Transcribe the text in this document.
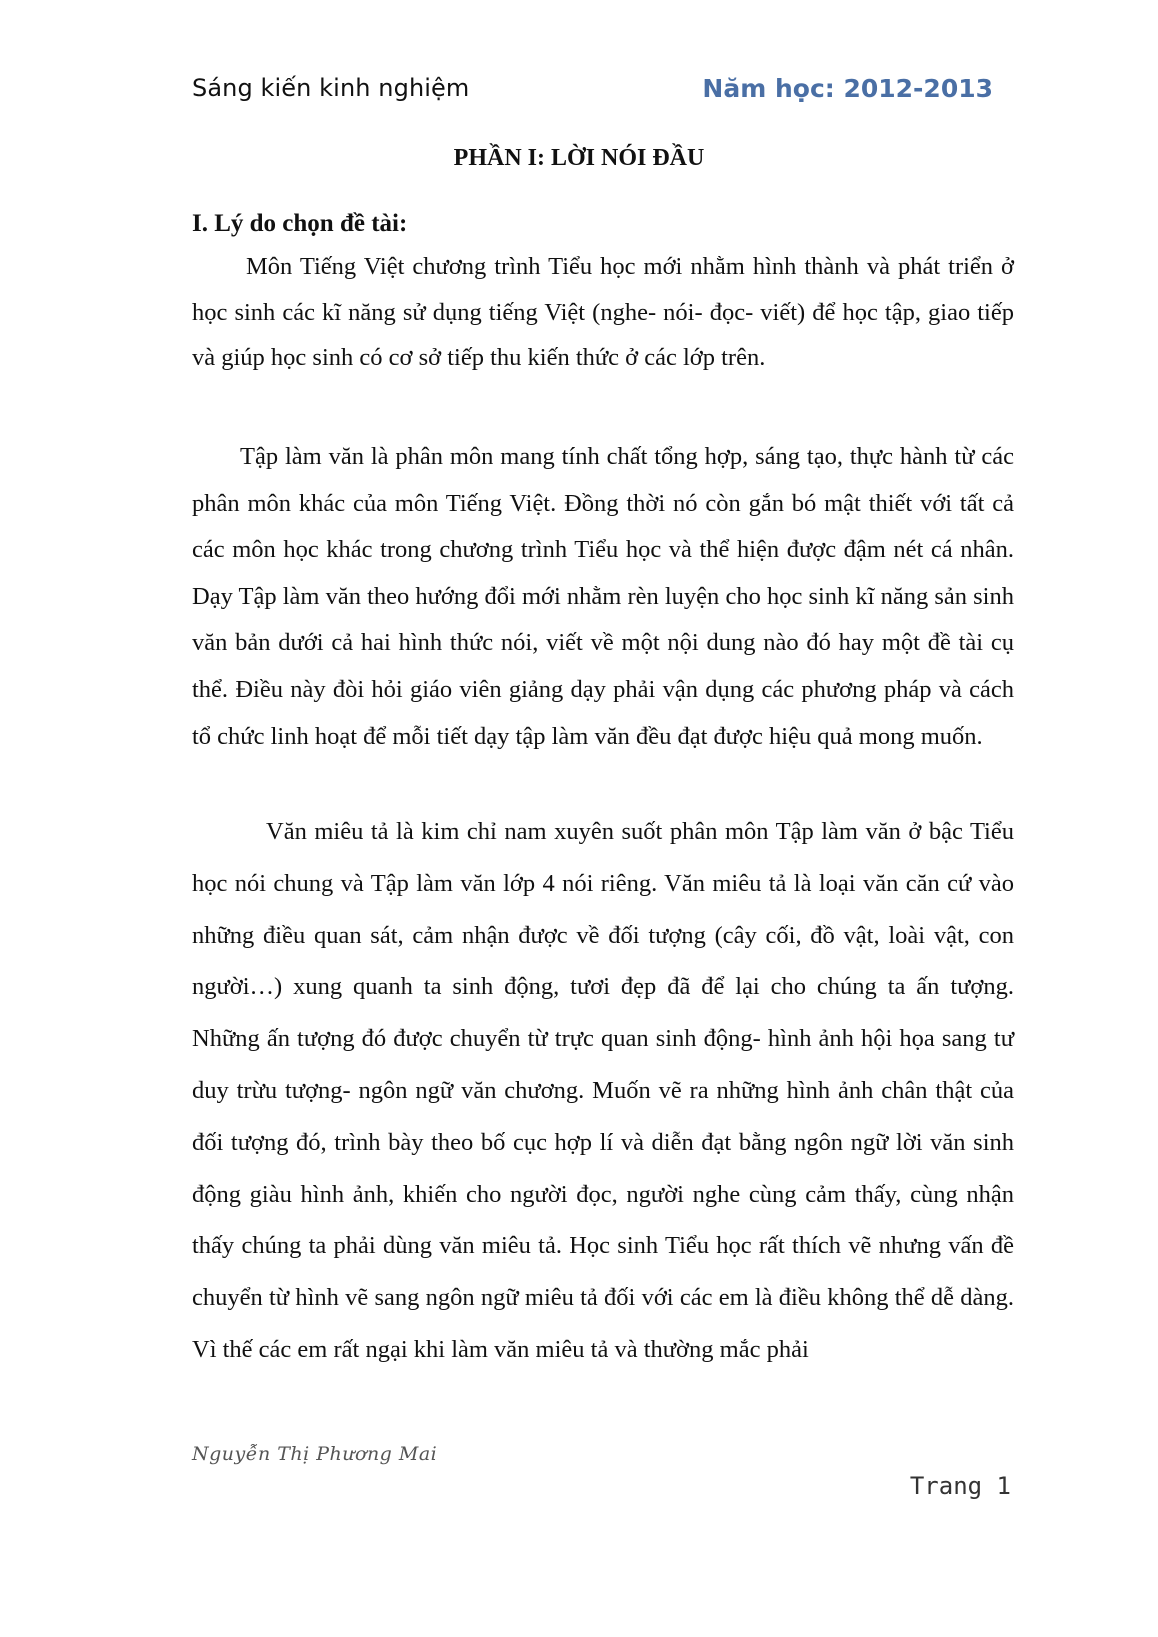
Sáng kiến kinh nghiệm	Năm học: 2012-2013
PHẦN I: LỜI NÓI ĐẦU
I. Lý do chọn đề tài:

Môn Tiếng Việt chương trình Tiểu học mới nhằm hình thành và phát triển ở học sinh các kĩ năng sử dụng tiếng Việt (nghe- nói- đọc- viết) để học tập, giao tiếp và giúp học sinh có cơ sở tiếp thu kiến thức ở các lớp trên.

Tập làm văn là phân môn mang tính chất tổng hợp, sáng tạo, thực hành từ các phân môn khác của môn Tiếng Việt. Đồng thời nó còn gắn bó mật thiết với tất cả các môn học khác trong chương trình Tiểu học và thể hiện được đậm nét cá nhân. Dạy Tập làm văn theo hướng đổi mới nhằm rèn luyện cho học sinh kĩ năng sản sinh văn bản dưới cả hai hình thức nói, viết về một nội dung nào đó hay một đề tài cụ thể. Điều này đòi hỏi giáo viên giảng dạy phải vận dụng các phương pháp và cách tổ chức linh hoạt để mỗi tiết dạy tập làm văn đều đạt được hiệu quả mong muốn.

Văn miêu tả là kim chỉ nam xuyên suốt phân môn Tập làm văn ở bậc Tiểu học nói chung và Tập làm văn lớp 4 nói riêng. Văn miêu tả là loại văn căn cứ vào những điều quan sát, cảm nhận được về đối tượng (cây cối, đồ vật, loài vật, con người…) xung quanh ta sinh động, tươi đẹp đã để lại cho chúng ta ấn tượng. Những ấn tượng đó được chuyển từ trực quan sinh động- hình ảnh hội họa sang tư duy trừu tượng- ngôn ngữ văn chương. Muốn vẽ ra những hình ảnh chân thật của đối tượng đó, trình bày theo bố cục hợp lí và diễn đạt bằng ngôn ngữ lời văn sinh động giàu hình ảnh, khiến cho người đọc, người nghe cùng cảm thấy, cùng nhận thấy chúng ta phải dùng văn miêu tả. Học sinh Tiểu học rất thích vẽ nhưng vấn đề chuyển từ hình vẽ sang ngôn ngữ miêu tả đối với các em là điều không thể dễ dàng. Vì thế các em rất ngại khi làm văn miêu tả và thường mắc phải

Nguyễn Thị Phương Mai
Trang 1
